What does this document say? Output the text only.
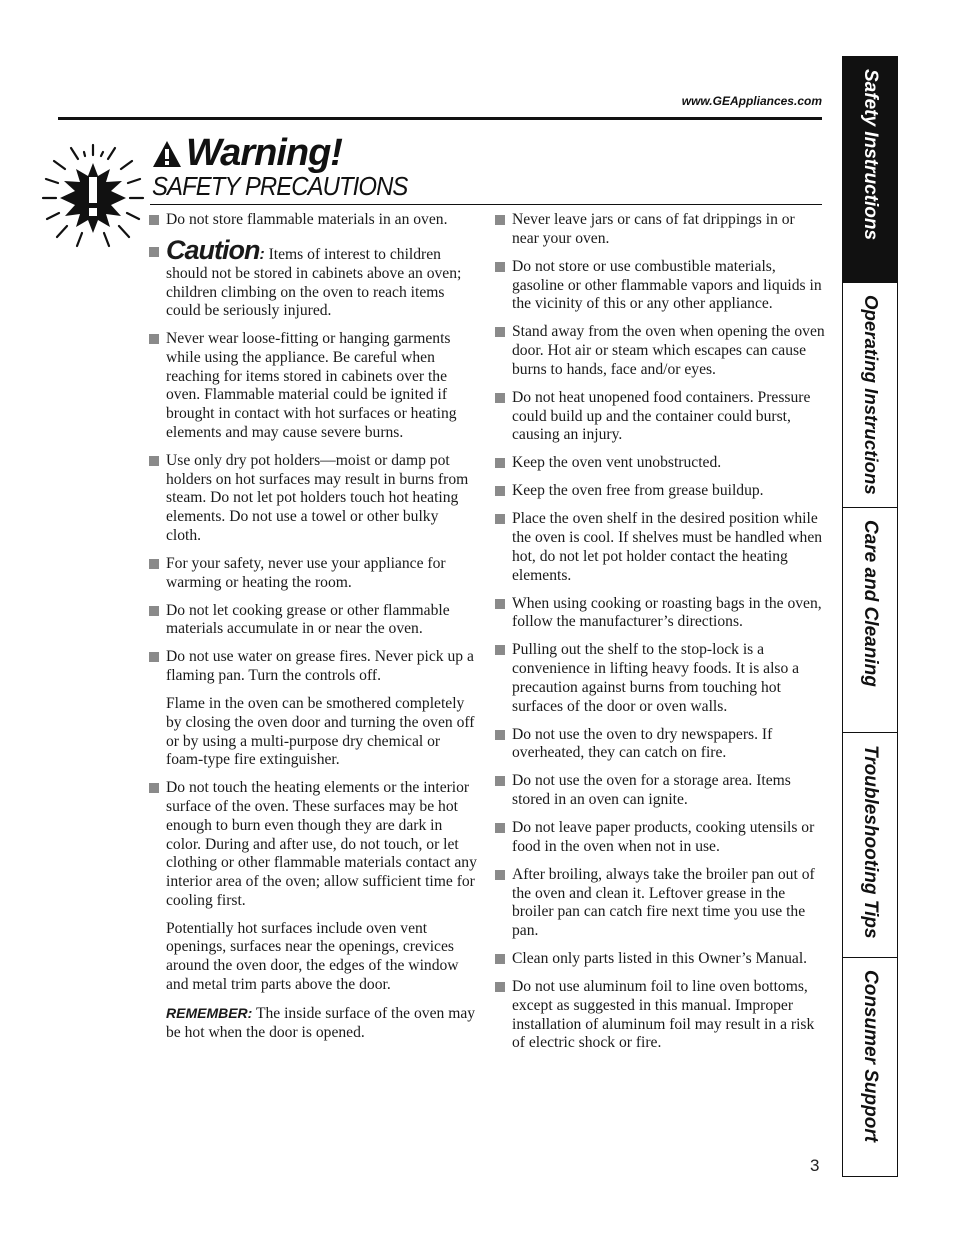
www.GEAppliances.com
Warning!
SAFETY PRECAUTIONS
Do not store flammable materials in an oven.
Caution: Items of interest to children should not be stored in cabinets above an oven; children climbing on the oven to reach items could be seriously injured.
Never wear loose-fitting or hanging garments while using the appliance. Be careful when reaching for items stored in cabinets over the oven. Flammable material could be ignited if brought in contact with hot surfaces or heating elements and may cause severe burns.
Use only dry pot holders—moist or damp pot holders on hot surfaces may result in burns from steam. Do not let pot holders touch hot heating elements. Do not use a towel or other bulky cloth.
For your safety, never use your appliance for warming or heating the room.
Do not let cooking grease or other flammable materials accumulate in or near the oven.
Do not use water on grease fires. Never pick up a flaming pan. Turn the controls off.
Flame in the oven can be smothered completely by closing the oven door and turning the oven off or by using a multi-purpose dry chemical or foam-type fire extinguisher.
Do not touch the heating elements or the interior surface of the oven. These surfaces may be hot enough to burn even though they are dark in color. During and after use, do not touch, or let clothing or other flammable materials contact any interior area of the oven; allow sufficient time for cooling first.
Potentially hot surfaces include oven vent openings, surfaces near the openings, crevices around the oven door, the edges of the window and metal trim parts above the door.
REMEMBER: The inside surface of the oven may be hot when the door is opened.
Never leave jars or cans of fat drippings in or near your oven.
Do not store or use combustible materials, gasoline or other flammable vapors and liquids in the vicinity of this or any other appliance.
Stand away from the oven when opening the oven door. Hot air or steam which escapes can cause burns to hands, face and/or eyes.
Do not heat unopened food containers. Pressure could build up and the container could burst, causing an injury.
Keep the oven vent unobstructed.
Keep the oven free from grease buildup.
Place the oven shelf in the desired position while the oven is cool. If shelves must be handled when hot, do not let pot holder contact the heating elements.
When using cooking or roasting bags in the oven, follow the manufacturer’s directions.
Pulling out the shelf to the stop-lock is a convenience in lifting heavy foods. It is also a precaution against burns from touching hot surfaces of the door or oven walls.
Do not use the oven to dry newspapers. If overheated, they can catch on fire.
Do not use the oven for a storage area. Items stored in an oven can ignite.
Do not leave paper products, cooking utensils or food in the oven when not in use.
After broiling, always take the broiler pan out of the oven and clean it. Leftover grease in the broiler pan can catch fire next time you use the pan.
Clean only parts listed in this Owner’s Manual.
Do not use aluminum foil to line oven bottoms, except as suggested in this manual. Improper installation of aluminum foil may result in a risk of electric shock or fire.
3
Safety Instructions
Operating Instructions
Care and Cleaning
Troubleshooting Tips
Consumer Support
